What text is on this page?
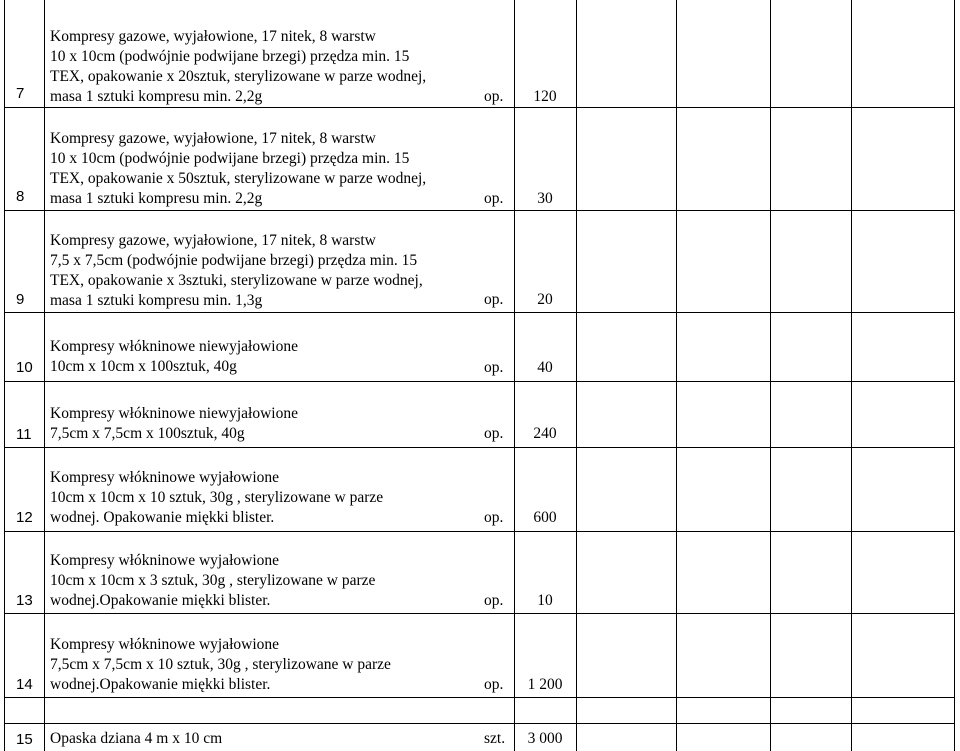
7
Kompresy gazowe, wyjałowione, 17 nitek, 8 warstw
10 x 10cm (podwójnie podwijane brzegi) przędza min. 15
TEX, opakowanie x 20sztuk, sterylizowane w parze wodnej,
masa 1 sztuki kompresu min. 2,2g	op.	120
8
Kompresy gazowe, wyjałowione, 17 nitek, 8 warstw
10 x 10cm (podwójnie podwijane brzegi) przędza min. 15
TEX, opakowanie x 50sztuk, sterylizowane w parze wodnej,
masa 1 sztuki kompresu min. 2,2g	op.	30
9
Kompresy gazowe, wyjałowione, 17 nitek, 8 warstw
7,5 x 7,5cm (podwójnie podwijane brzegi) przędza min. 15
TEX, opakowanie x 3sztuki, sterylizowane w parze wodnej,
masa 1 sztuki kompresu min. 1,3g	op.	20
10
Kompresy włókninowe niewyjałowione
10cm x 10cm x 100sztuk, 40g	op.	40
11
Kompresy włókninowe niewyjałowione
7,5cm x 7,5cm x 100sztuk, 40g	op.	240
12
Kompresy włókninowe wyjałowione
10cm x 10cm x 10 sztuk, 30g , sterylizowane w parze
wodnej. Opakowanie miękki blister.	op.	600
13
Kompresy włókninowe wyjałowione
10cm x 10cm x 3 sztuk, 30g , sterylizowane w parze
wodnej.Opakowanie miękki blister.	op.	10
14
Kompresy włókninowe wyjałowione
7,5cm x 7,5cm x 10 sztuk, 30g , sterylizowane w parze
wodnej.Opakowanie miękki blister.	op.	1 200
15	Opaska dziana 4 m x 10 cm	szt.	3 000
